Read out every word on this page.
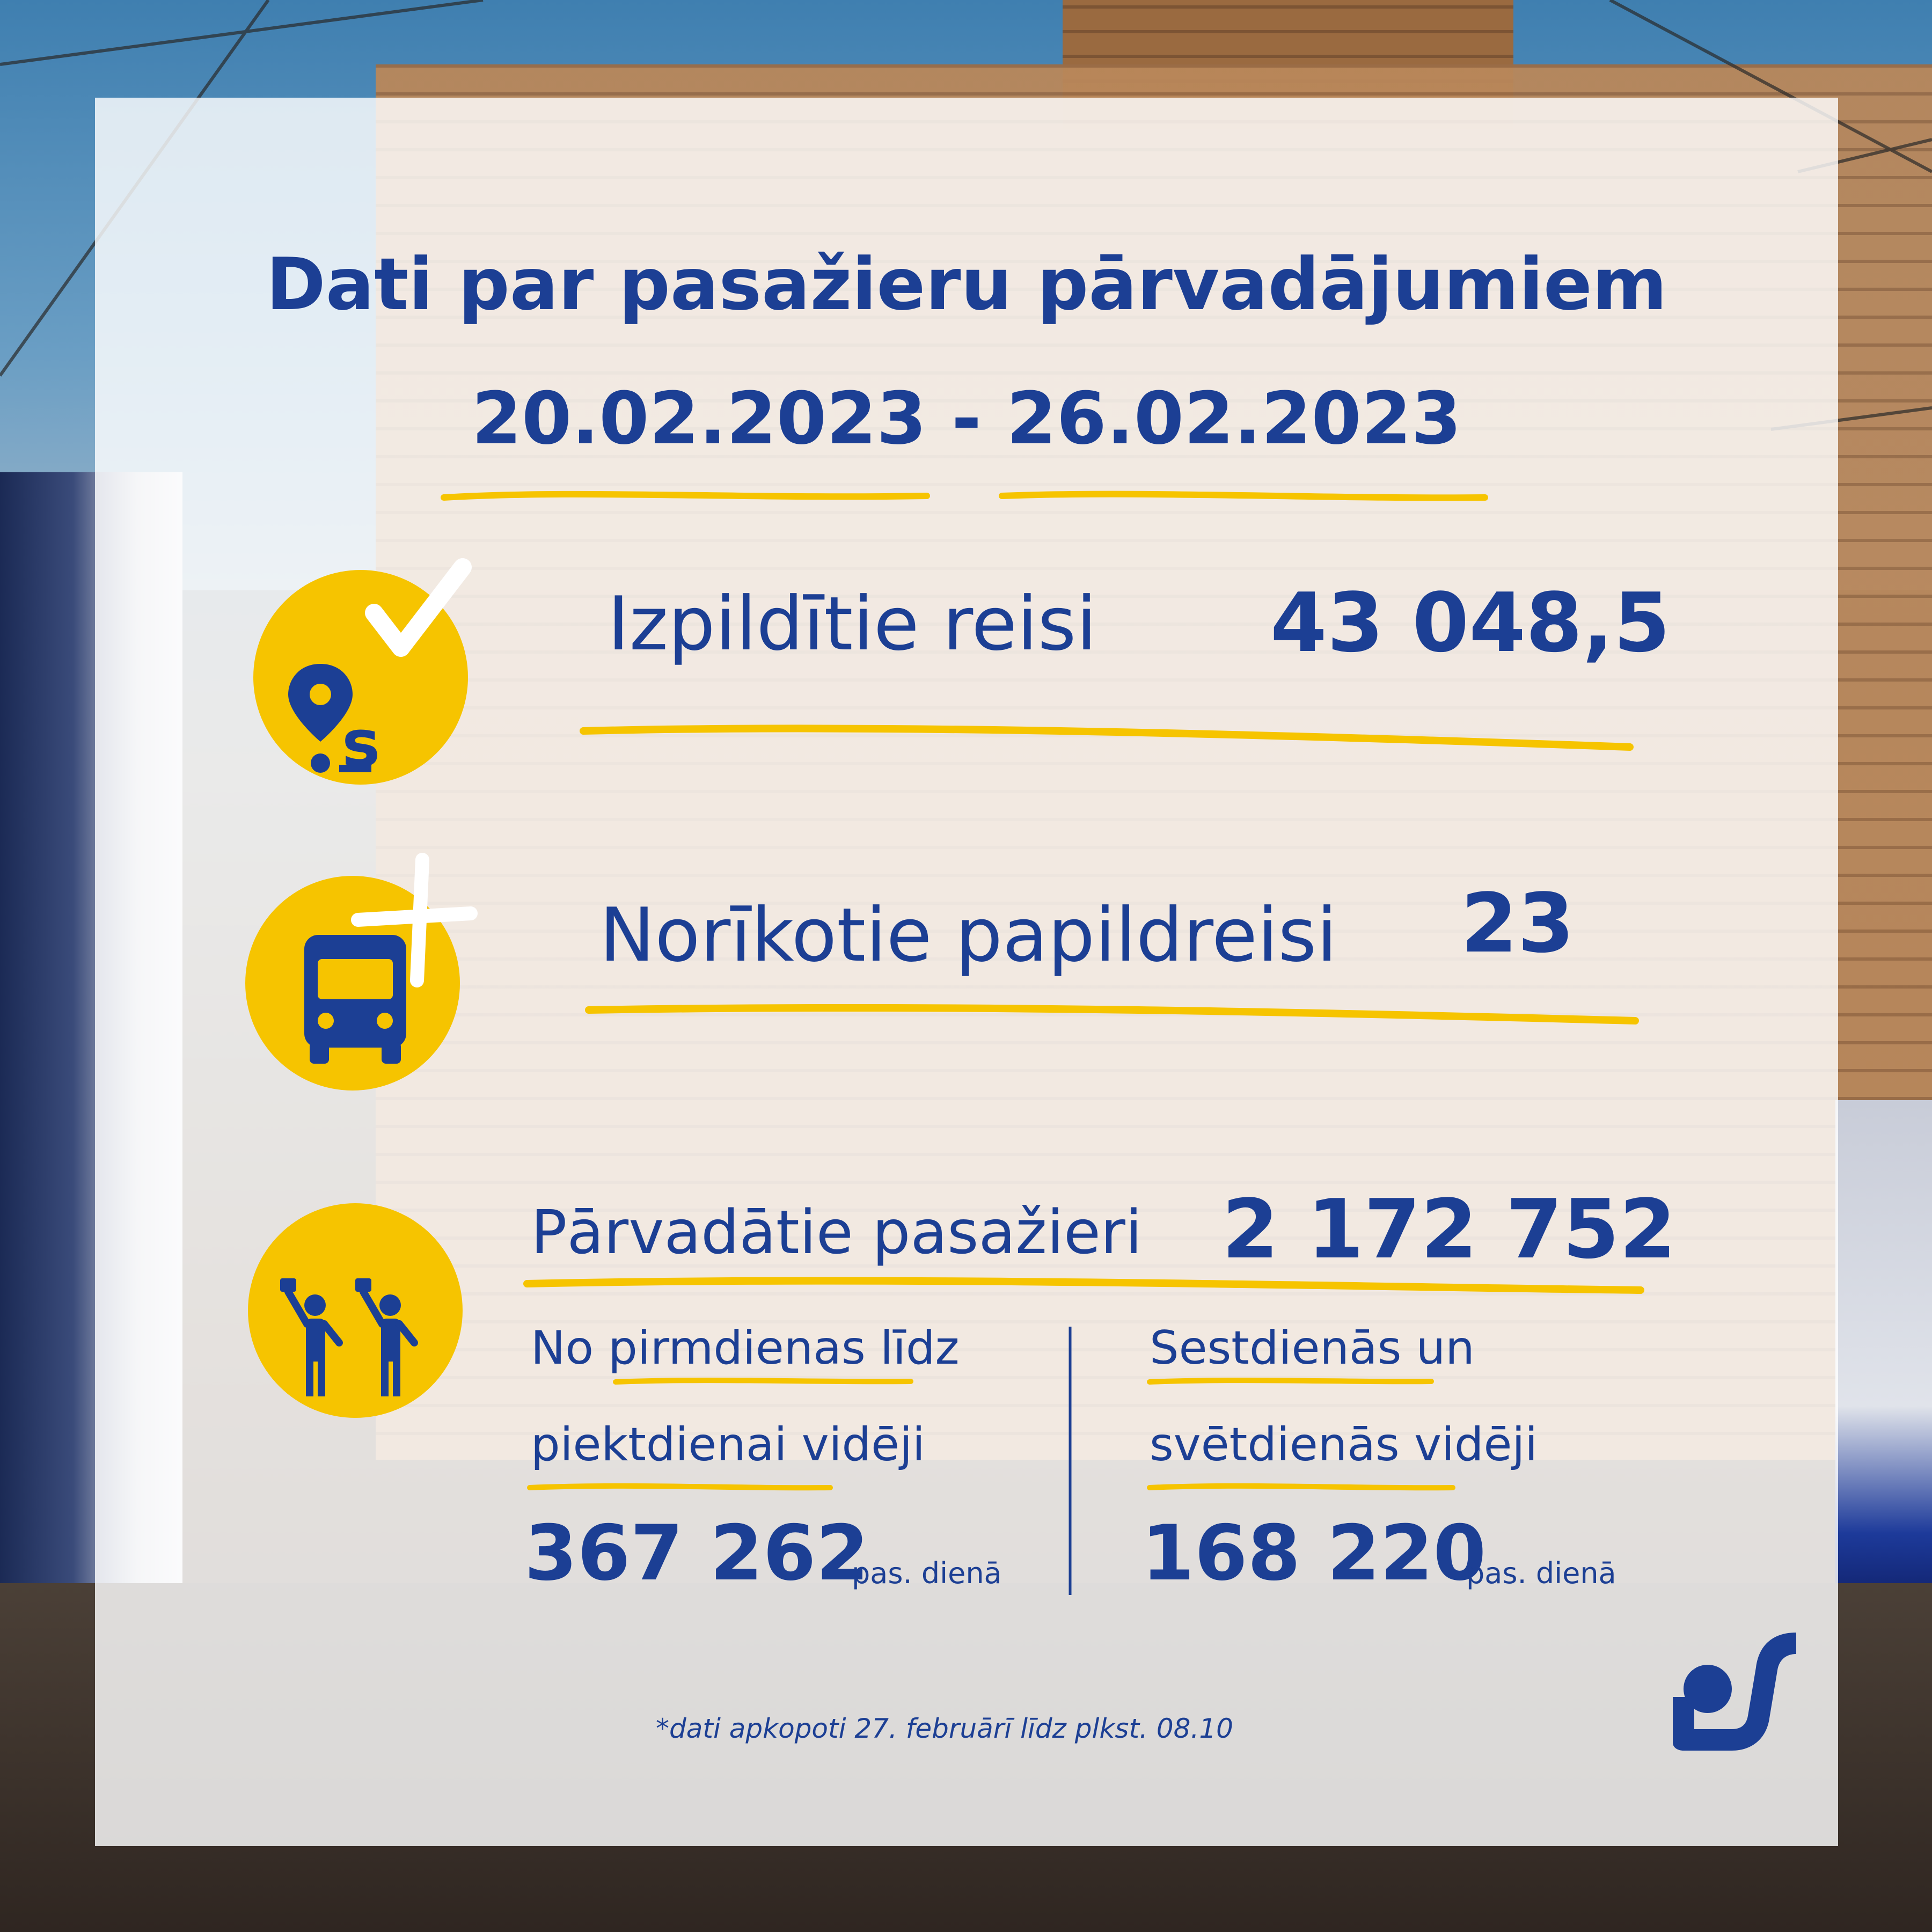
Dati par pasažieru pārvadājumiem
20.02.2023 - 26.02.2023
s
Izpildītie reisi 43 048,5
Norīkotie papildreisi 23
Pārvadātie pasažieri 2 172 752
No pirmdienas līdz
piektdienai vidēji
367 262
pas. dienā
Sestdienās un
svētdienās vidēji
168 220
pas. dienā
*dati apkopoti 27. februārī līdz plkst. 08.10
